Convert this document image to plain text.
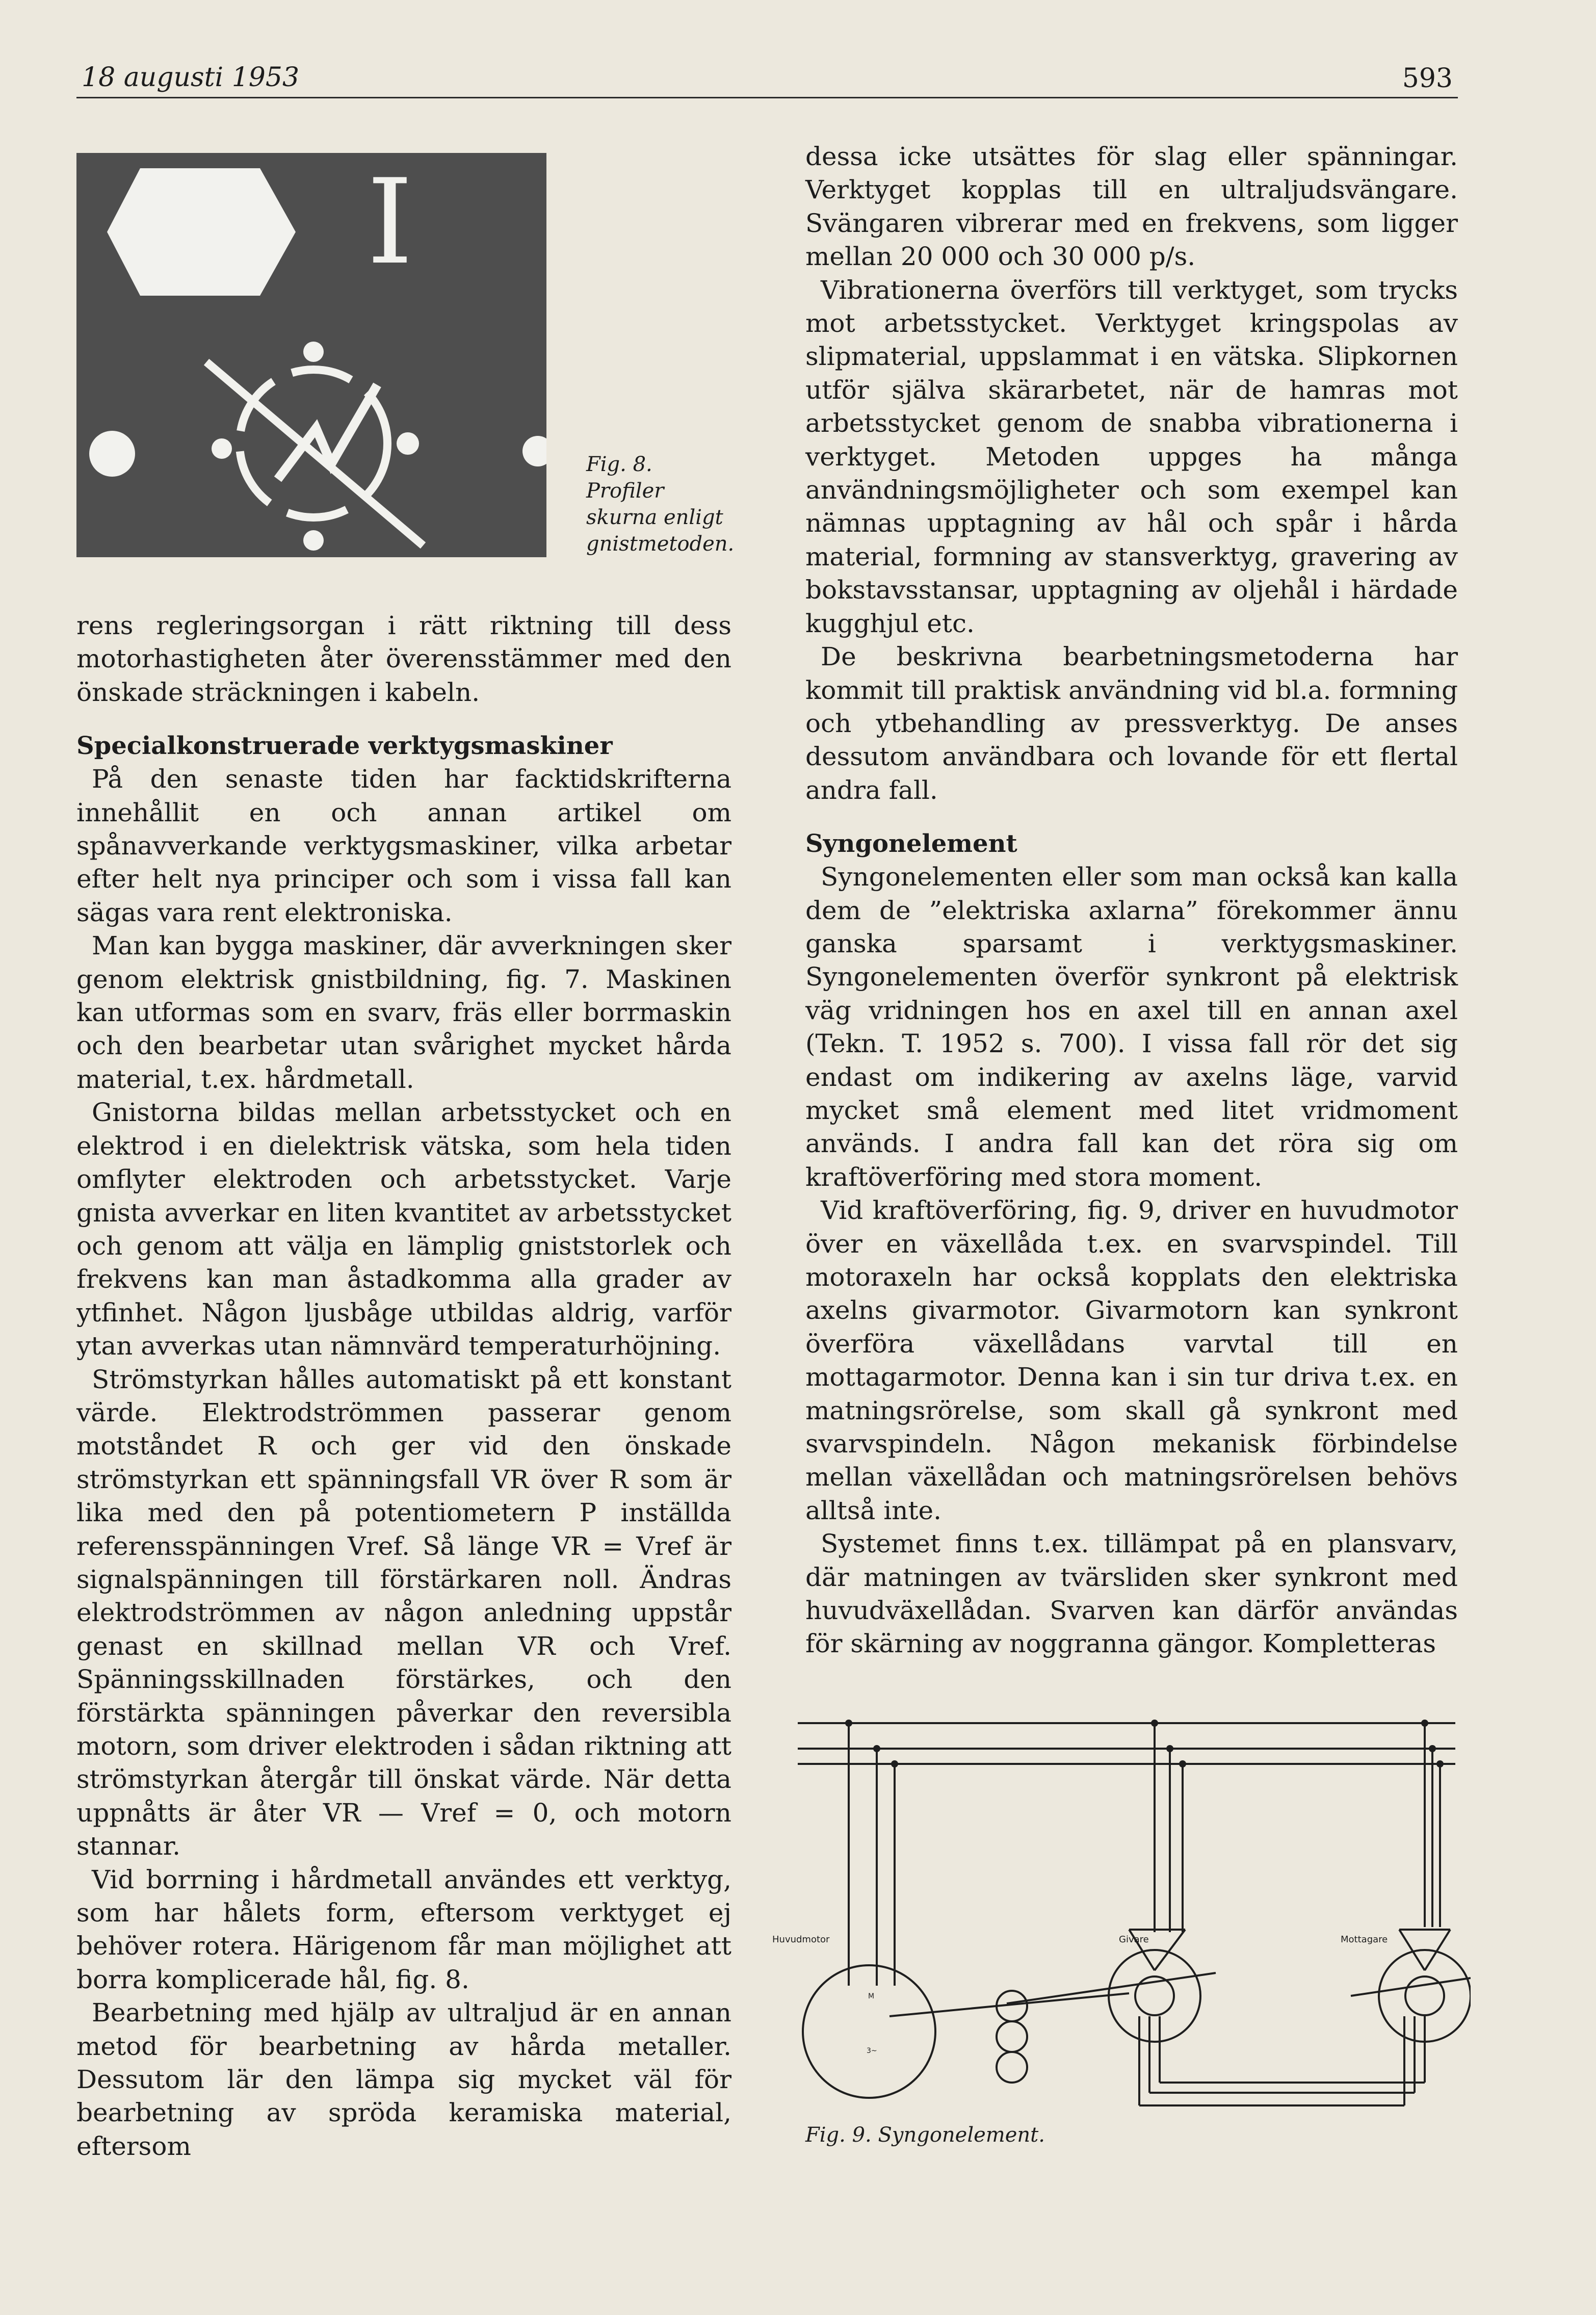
18 augusti 1953	593
I
Fig. 8. Profiler skurna enligt gnistmetoden.

rens regleringsorgan i rätt riktning till dess motorhastigheten åter överensstämmer med den önskade sträckningen i kabeln.

Specialkonstruerade verktygsmaskiner

På den senaste tiden har facktidskrifterna innehållit en och annan artikel om spånavverkande verktygsmaskiner, vilka arbetar efter helt nya principer och som i vissa fall kan sägas vara rent elektroniska.

Man kan bygga maskiner, där avverkningen sker genom elektrisk gnistbildning, fig. 7. Maskinen kan utformas som en svarv, fräs eller borrmaskin och den bearbetar utan svårighet mycket hårda material, t.ex. hårdmetall.

Gnistorna bildas mellan arbetsstycket och en elektrod i en dielektrisk vätska, som hela tiden omflyter elektroden och arbetsstycket. Varje gnista avverkar en liten kvantitet av arbetsstycket och genom att välja en lämplig gniststorlek och frekvens kan man åstadkomma alla grader av ytfinhet. Någon ljusbåge utbildas aldrig, varför ytan avverkas utan nämnvärd temperaturhöjning.

Strömstyrkan hålles automatiskt på ett konstant värde. Elektrodströmmen passerar genom motståndet R och ger vid den önskade strömstyrkan ett spänningsfall VR över R som är lika med den på potentiometern P inställda referensspänningen Vref. Så länge VR = Vref är signalspänningen till förstärkaren noll. Ändras elektrodströmmen av någon anledning uppstår genast en skillnad mellan VR och Vref. Spänningsskillnaden förstärkes, och den förstärkta spänningen påverkar den reversibla motorn, som driver elektroden i sådan riktning att strömstyrkan återgår till önskat värde. När detta uppnåtts är åter VR — Vref = 0, och motorn stannar.

Vid borrning i hårdmetall användes ett verktyg, som har hålets form, eftersom verktyget ej behöver rotera. Härigenom får man möjlighet att borra komplicerade hål, fig. 8.

Bearbetning med hjälp av ultraljud är en annan metod för bearbetning av hårda metaller. Dessutom lär den lämpa sig mycket väl för bearbetning av spröda keramiska material, eftersom

dessa icke utsättes för slag eller spänningar. Verktyget kopplas till en ultraljudsvängare. Svängaren vibrerar med en frekvens, som ligger mellan 20 000 och 30 000 p/s.

Vibrationerna överförs till verktyget, som trycks mot arbetsstycket. Verktyget kringspolas av slipmaterial, uppslammat i en vätska. Slipkornen utför själva skärarbetet, när de hamras mot arbetsstycket genom de snabba vibrationerna i verktyget. Metoden uppges ha många användningsmöjligheter och som exempel kan nämnas upptagning av hål och spår i hårda material, formning av stansverktyg, gravering av bokstavsstansar, upptagning av oljehål i härdade kugghjul etc.

De beskrivna bearbetningsmetoderna har kommit till praktisk användning vid bl.a. formning och ytbehandling av pressverktyg. De anses dessutom användbara och lovande för ett flertal andra fall.

Syngonelement

Syngonelementen eller som man också kan kalla dem de ”elektriska axlarna” förekommer ännu ganska sparsamt i verktygsmaskiner. Syngonelementen överför synkront på elektrisk väg vridningen hos en axel till en annan axel (Tekn. T. 1952 s. 700). I vissa fall rör det sig endast om indikering av axelns läge, varvid mycket små element med litet vridmoment används. I andra fall kan det röra sig om kraftöverföring med stora moment.

Vid kraftöverföring, fig. 9, driver en huvudmotor över en växellåda t.ex. en svarvspindel. Till motoraxeln har också kopplats den elektriska axelns givarmotor. Givarmotorn kan synkront överföra växellådans varvtal till en mottagarmotor. Denna kan i sin tur driva t.ex. en matningsrörelse, som skall gå synkront med svarvspindeln. Någon mekanisk förbindelse mellan växellådan och matningsrörelsen behövs alltså inte.

Systemet finns t.ex. tillämpat på en plansvarv, där matningen av tvärsliden sker synkront med huvudväxellådan. Svarven kan därför användas för skärning av noggranna gängor. Kompletteras

Huvudmotor	Givare	Mottagare
M
3~
Fig. 9. Syngonelement.
